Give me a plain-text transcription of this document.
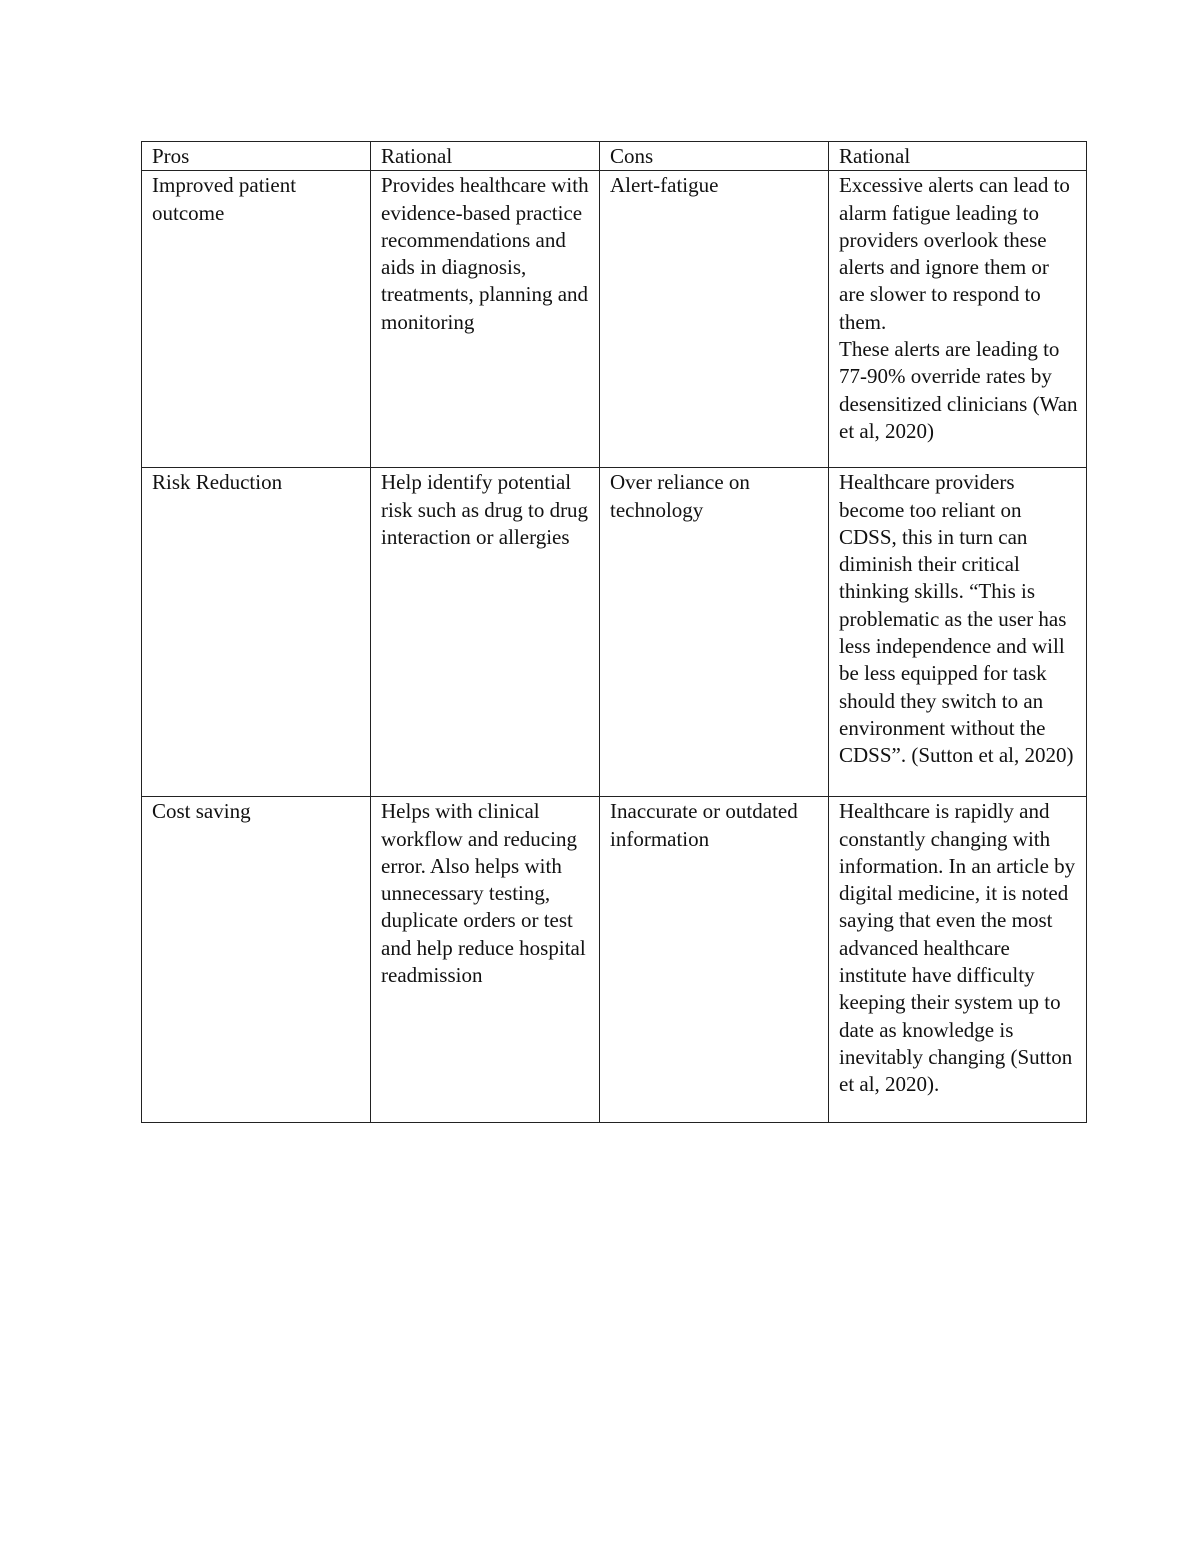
Pros	Rational	Cons	Rational
Improved patient outcome	Provides healthcare with evidence-based practice recommendations and aids in diagnosis, treatments, planning and monitoring	Alert-fatigue	Excessive alerts can lead to alarm fatigue leading to providers overlook these alerts and ignore them or are slower to respond to them.
These alerts are leading to 77-90% override rates by desensitized clinicians (Wan et al, 2020)
Risk Reduction	Help identify potential risk such as drug to drug interaction or allergies	Over reliance on technology	Healthcare providers become too reliant on CDSS, this in turn can diminish their critical thinking skills. “This is problematic as the user has less independence and will be less equipped for task should they switch to an environment without the CDSS”. (Sutton et al, 2020)
Cost saving	Helps with clinical workflow and reducing error. Also helps with unnecessary testing, duplicate orders or test and help reduce hospital readmission	Inaccurate or outdated information	Healthcare is rapidly and constantly changing with information. In an article by digital medicine, it is noted saying that even the most advanced healthcare institute have difficulty keeping their system up to date as knowledge is inevitably changing (Sutton et al, 2020).
